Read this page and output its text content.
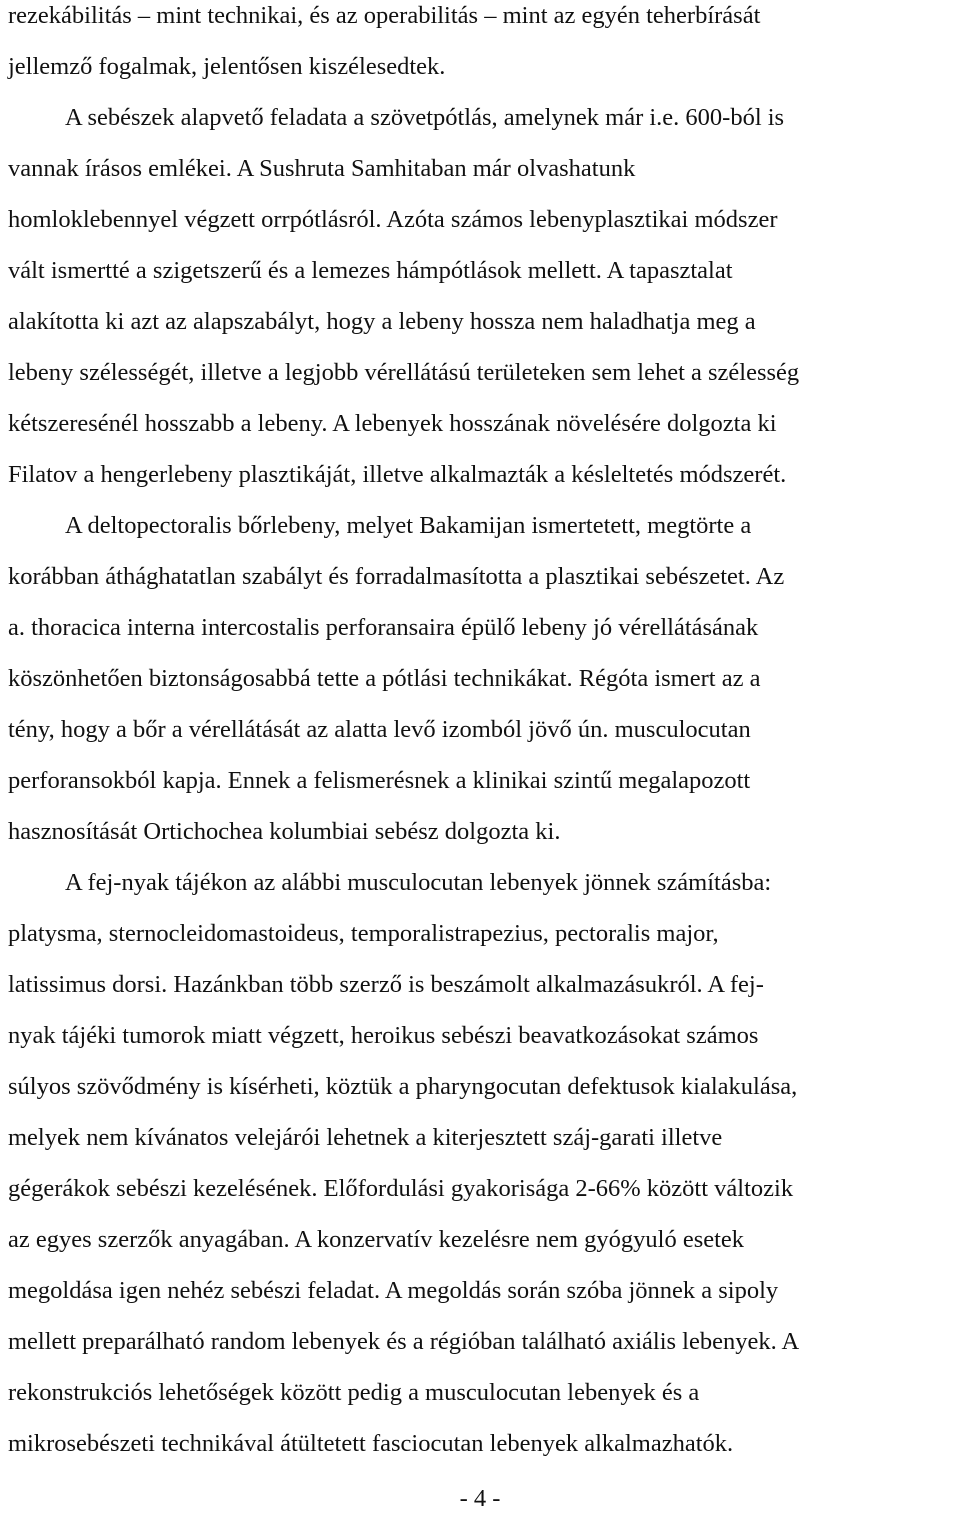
rezekábilitás – mint technikai, és az operabilitás – mint az egyén teherbírását
jellemző fogalmak, jelentősen kiszélesedtek.
A sebészek alapvető feladata a szövetpótlás, amelynek már i.e. 600-ból is
vannak írásos emlékei. A Sushruta Samhitaban már olvashatunk
homloklebennyel végzett orrpótlásról. Azóta számos lebenyplasztikai módszer
vált ismertté a szigetszerű és a lemezes hámpótlások mellett. A tapasztalat
alakította ki azt az alapszabályt, hogy a lebeny hossza nem haladhatja meg a
lebeny szélességét, illetve a legjobb vérellátású területeken sem lehet a szélesség
kétszeresénél hosszabb a lebeny. A lebenyek hosszának növelésére dolgozta ki
Filatov a hengerlebeny plasztikáját, illetve alkalmazták a késleltetés módszerét.
A deltopectoralis bőrlebeny, melyet Bakamijan ismertetett, megtörte a
korábban áthághatatlan szabályt és forradalmasította a plasztikai sebészetet. Az
a. thoracica interna intercostalis perforansaira épülő lebeny jó vérellátásának
köszönhetően biztonságosabbá tette a pótlási technikákat. Régóta ismert az a
tény, hogy a bőr a vérellátását az alatta levő izomból jövő ún. musculocutan
perforansokból kapja. Ennek a felismerésnek a klinikai szintű megalapozott
hasznosítását Ortichochea kolumbiai sebész dolgozta ki.
A fej-nyak tájékon az alábbi musculocutan lebenyek jönnek számításba:
platysma, sternocleidomastoideus, temporalistrapezius, pectoralis major,
latissimus dorsi. Hazánkban több szerző is beszámolt alkalmazásukról. A fej-
nyak tájéki tumorok miatt végzett, heroikus sebészi beavatkozásokat számos
súlyos szövődmény is kísérheti, köztük a pharyngocutan defektusok kialakulása,
melyek nem kívánatos velejárói lehetnek a kiterjesztett száj-garati illetve
gégerákok sebészi kezelésének. Előfordulási gyakorisága 2-66% között változik
az egyes szerzők anyagában. A konzervatív kezelésre nem gyógyuló esetek
megoldása igen nehéz sebészi feladat. A megoldás során szóba jönnek a sipoly
mellett preparálható random lebenyek és a régióban található axiális lebenyek. A
rekonstrukciós lehetőségek között pedig a musculocutan lebenyek és a
mikrosebészeti technikával átültetett fasciocutan lebenyek alkalmazhatók.
- 4 -
